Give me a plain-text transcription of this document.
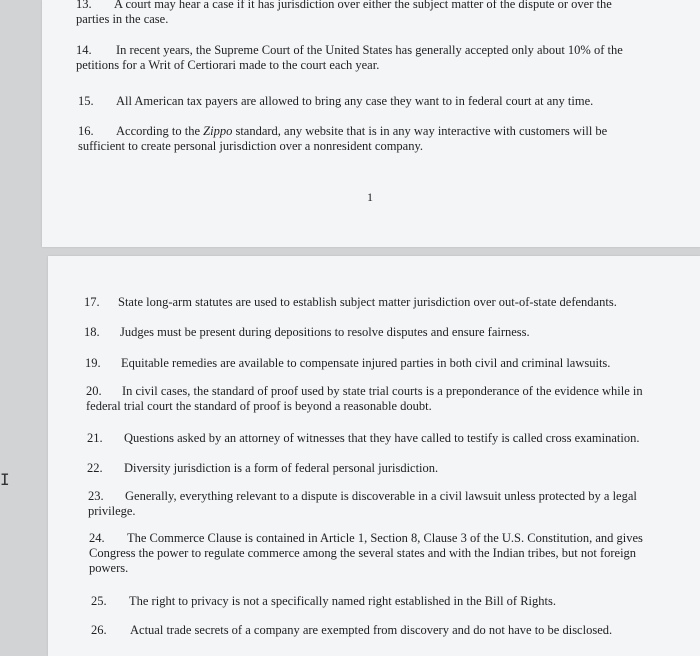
13. A court may hear a case if it has jurisdiction over either the subject matter of the dispute or over the
parties in the case.
14. In recent years, the Supreme Court of the United States has generally accepted only about 10% of the
petitions for a Writ of Certiorari made to the court each year.
15. All American tax payers are allowed to bring any case they want to in federal court at any time.
16. According to the Zippo standard, any website that is in any way interactive with customers will be
sufficient to create personal jurisdiction over a nonresident company.
1
17. State long-arm statutes are used to establish subject matter jurisdiction over out-of-state defendants.
18. Judges must be present during depositions to resolve disputes and ensure fairness.
19. Equitable remedies are available to compensate injured parties in both civil and criminal lawsuits.
20. In civil cases, the standard of proof used by state trial courts is a preponderance of the evidence while in
federal trial court the standard of proof is beyond a reasonable doubt.
21. Questions asked by an attorney of witnesses that they have called to testify is called cross examination.
22. Diversity jurisdiction is a form of federal personal jurisdiction.
23. Generally, everything relevant to a dispute is discoverable in a civil lawsuit unless protected by a legal
privilege.
24. The Commerce Clause is contained in Article 1, Section 8, Clause 3 of the U.S. Constitution, and gives
Congress the power to regulate commerce among the several states and with the Indian tribes, but not foreign
powers.
25. The right to privacy is not a specifically named right established in the Bill of Rights.
26. Actual trade secrets of a company are exempted from discovery and do not have to be disclosed.
I
